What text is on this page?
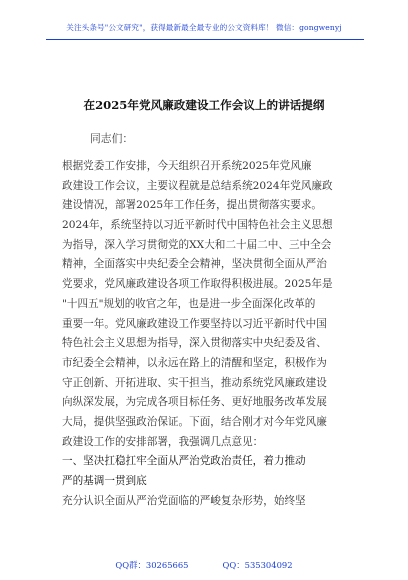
关注头条号"公文研究"，获得最新最全最专业的公文资料库！ 微信：gongwenyj
在2025年党风廉政建设工作会议上的讲话提纲
同志们：
根据党委工作安排，今天组织召开系统2025年党风廉
政建设工作会议，主要议程就是总结系统2024年党风廉政
建设情况，部署2025年工作任务，提出贯彻落实要求。
2024年，系统坚持以习近平新时代中国特色社会主义思想
为指导，深入学习贯彻党的XX大和二十届二中、三中全会
精神，全面落实中央纪委全会精神，坚决贯彻全面从严治
党要求，党风廉政建设各项工作取得积极进展。2025年是
"十四五"规划的收官之年，也是进一步全面深化改革的
重要一年。党风廉政建设工作要坚持以习近平新时代中国
特色社会主义思想为指导，深入贯彻落实中央纪委及省、
市纪委全会精神，以永远在路上的清醒和坚定，积极作为
守正创新、开拓进取、实干担当，推动系统党风廉政建设
向纵深发展，为完成各项目标任务、更好地服务改革发展
大局，提供坚强政治保证。下面，结合刚才对今年党风廉
政建设工作的安排部署，我强调几点意见：
一、坚决扛稳扛牢全面从严治党政治责任，着力推动
严的基调一贯到底
充分认识全面从严治党面临的严峻复杂形势，始终坚
QQ群：30265665	QQ：535304092
